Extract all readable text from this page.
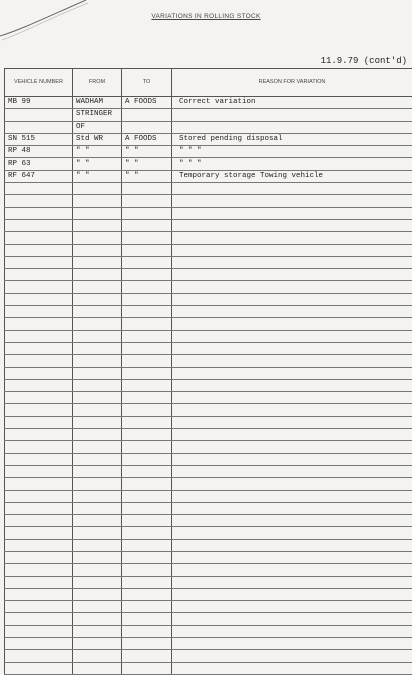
VARIATIONS IN ROLLING STOCK
11.9.79 (cont'd)
VEHICLE NUMBER	FROM	TO	REASON FOR VARIATION
MB 99	WADHAM	A FOODS	Correct variation
	STRINGER		
	OF		
SN 515	Std WR	A FOODS	Stored pending disposal
RP 48	" "	" "	" " "
RP 63	" "	" "	" " "
RF 647	" "	" "	Temporary storage Towing vehicle
